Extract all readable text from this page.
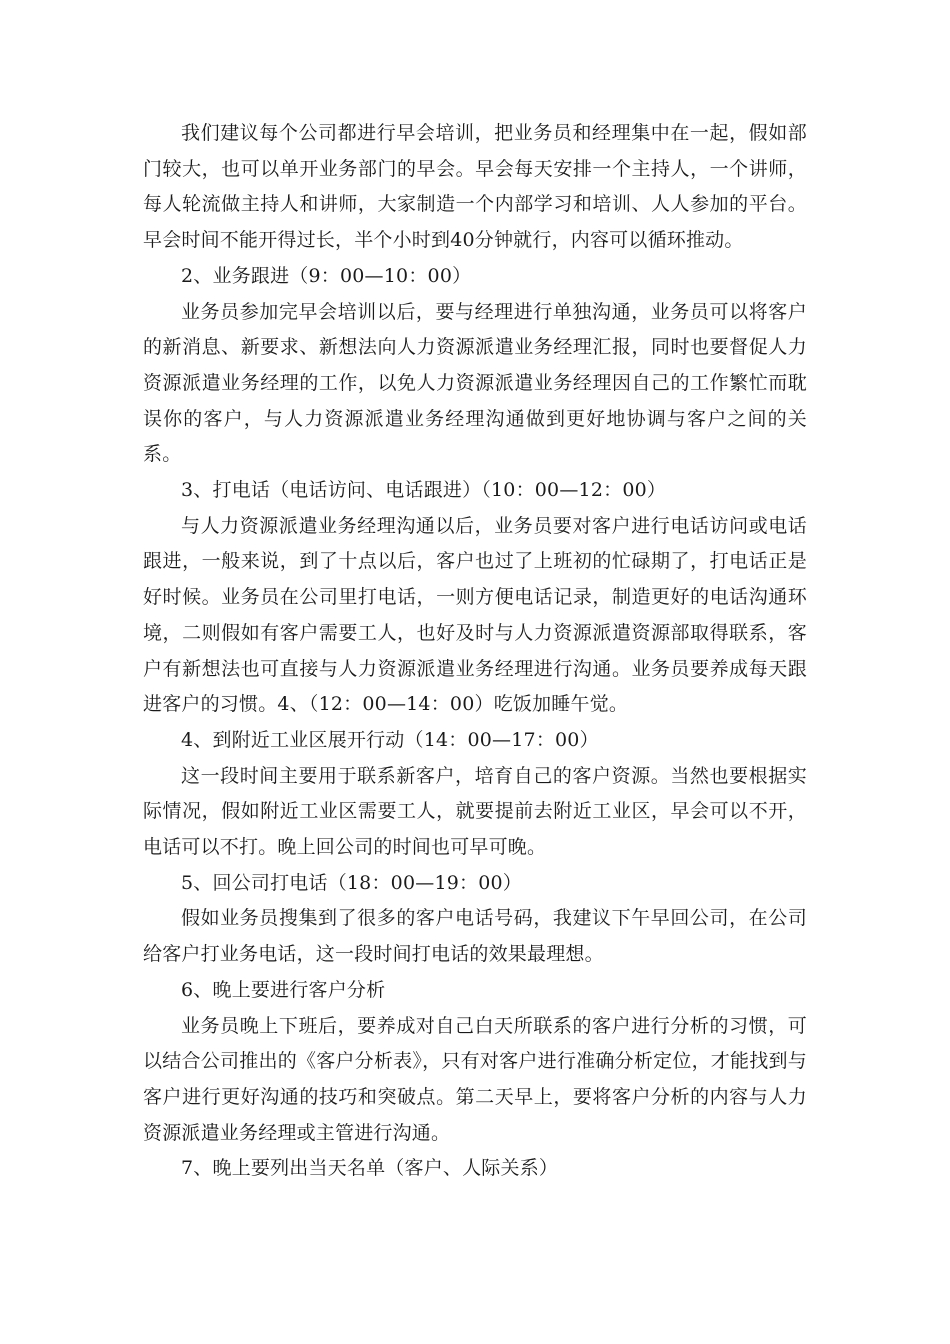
我们建议每个公司都进行早会培训，把业务员和经理集中在一起，假如部门较大，也可以单开业务部门的早会。早会每天安排一个主持人，一个讲师，每人轮流做主持人和讲师，大家制造一个内部学习和培训、人人参加的平台。早会时间不能开得过长，半个小时到40分钟就行，内容可以循环推动。

2、业务跟进（9：00—10：00）

业务员参加完早会培训以后，要与经理进行单独沟通，业务员可以将客户的新消息、新要求、新想法向人力资源派遣业务经理汇报，同时也要督促人力资源派遣业务经理的工作，以免人力资源派遣业务经理因自己的工作繁忙而耽误你的客户，与人力资源派遣业务经理沟通做到更好地协调与客户之间的关系。

3、打电话（电话访问、电话跟进）（10：00—12：00）

与人力资源派遣业务经理沟通以后，业务员要对客户进行电话访问或电话跟进，一般来说，到了十点以后，客户也过了上班初的忙碌期了，打电话正是好时候。业务员在公司里打电话，一则方便电话记录，制造更好的电话沟通环境，二则假如有客户需要工人，也好及时与人力资源派遣资源部取得联系，客户有新想法也可直接与人力资源派遣业务经理进行沟通。业务员要养成每天跟进客户的习惯。4、（12：00—14：00）吃饭加睡午觉。

4、到附近工业区展开行动（14：00—17：00）

这一段时间主要用于联系新客户，培育自己的客户资源。当然也要根据实际情况，假如附近工业区需要工人，就要提前去附近工业区，早会可以不开，电话可以不打。晚上回公司的时间也可早可晚。

5、回公司打电话（18：00—19：00）

假如业务员搜集到了很多的客户电话号码，我建议下午早回公司，在公司给客户打业务电话，这一段时间打电话的效果最理想。

6、晚上要进行客户分析

业务员晚上下班后，要养成对自己白天所联系的客户进行分析的习惯，可以结合公司推出的《客户分析表》，只有对客户进行准确分析定位，才能找到与客户进行更好沟通的技巧和突破点。第二天早上，要将客户分析的内容与人力资源派遣业务经理或主管进行沟通。

7、晚上要列出当天名单（客户、人际关系）
